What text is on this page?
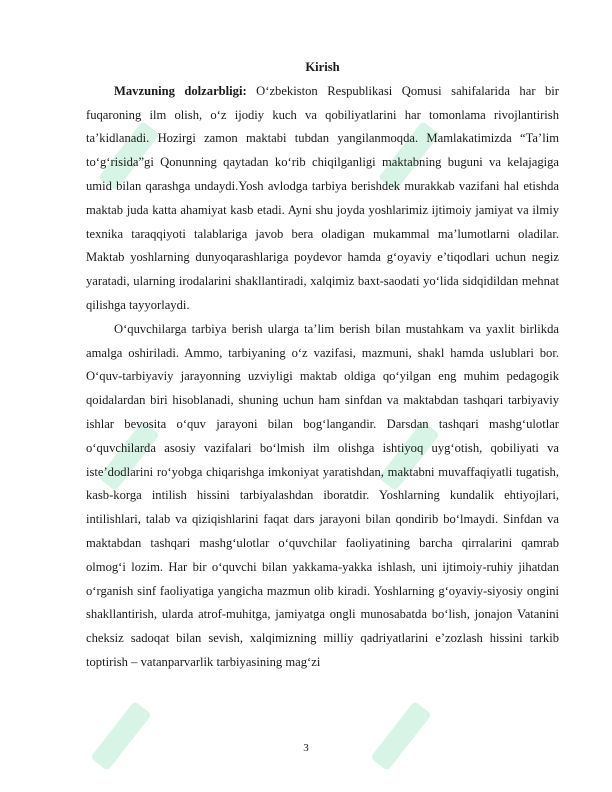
Kirish

Mavzuning dolzarbligi: O‘zbekiston Respublikasi Qomusi sahifalarida har bir fuqaroning ilm olish, o‘z ijodiy kuch va qobiliyatlarini har tomonlama rivojlantirish ta’kidlanadi. Hozirgi zamon maktabi tubdan yangilanmoqda. Mamlakatimizda “Ta’lim to‘g‘risida”gi Qonunning qaytadan ko‘rib chiqilganligi maktabning buguni va kelajagiga umid bilan qarashga undaydi.Yosh avlodga tarbiya berishdek murakkab vazifani hal etishda maktab juda katta ahamiyat kasb etadi. Ayni shu joyda yoshlarimiz ijtimoiy jamiyat va ilmiy texnika taraqqiyoti talablariga javob bera oladigan mukammal ma’lumotlarni oladilar. Maktab yoshlarning dunyoqarashlariga poydevor hamda g‘oyaviy e’tiqodlari uchun negiz yaratadi, ularning irodalarini shakllantiradi, xalqimiz baxt-saodati yo‘lida sidqidildan mehnat qilishga tayyorlaydi.

O‘quvchilarga tarbiya berish ularga ta’lim berish bilan mustahkam va yaxlit birlikda amalga oshiriladi. Ammo, tarbiyaning o‘z vazifasi, mazmuni, shakl hamda uslublari bor. O‘quv-tarbiyaviy jarayonning uzviyligi maktab oldiga qo‘yilgan eng muhim pedagogik qoidalardan biri hisoblanadi, shuning uchun ham sinfdan va maktabdan tashqari tarbiyaviy ishlar bevosita o‘quv jarayoni bilan bog‘langandir. Darsdan tashqari mashg‘ulotlar o‘quvchilarda asosiy vazifalari bo‘lmish ilm olishga ishtiyoq uyg‘otish, qobiliyati va iste’dodlarini ro‘yobga chiqarishga imkoniyat yaratishdan, maktabni muvaffaqiyatli tugatish, kasb-korga intilish hissini tarbiyalashdan iboratdir. Yoshlarning kundalik ehtiyojlari, intilishlari, talab va qiziqishlarini faqat dars jarayoni bilan qondirib bo‘lmaydi. Sinfdan va maktabdan tashqari mashg‘ulotlar o‘quvchilar faoliyatining barcha qirralarini qamrab olmog‘i lozim. Har bir o‘quvchi bilan yakkama-yakka ishlash, uni ijtimoiy-ruhiy jihatdan o‘rganish sinf faoliyatiga yangicha mazmun olib kiradi. Yoshlarning g‘oyaviy-siyosiy ongini shakllantirish, ularda atrof-muhitga, jamiyatga ongli munosabatda bo‘lish, jonajon Vatanini cheksiz sadoqat bilan sevish, xalqimizning milliy qadriyatlarini e’zozlash hissini tarkib toptirish – vatanparvarlik tarbiyasining mag‘zi

3
